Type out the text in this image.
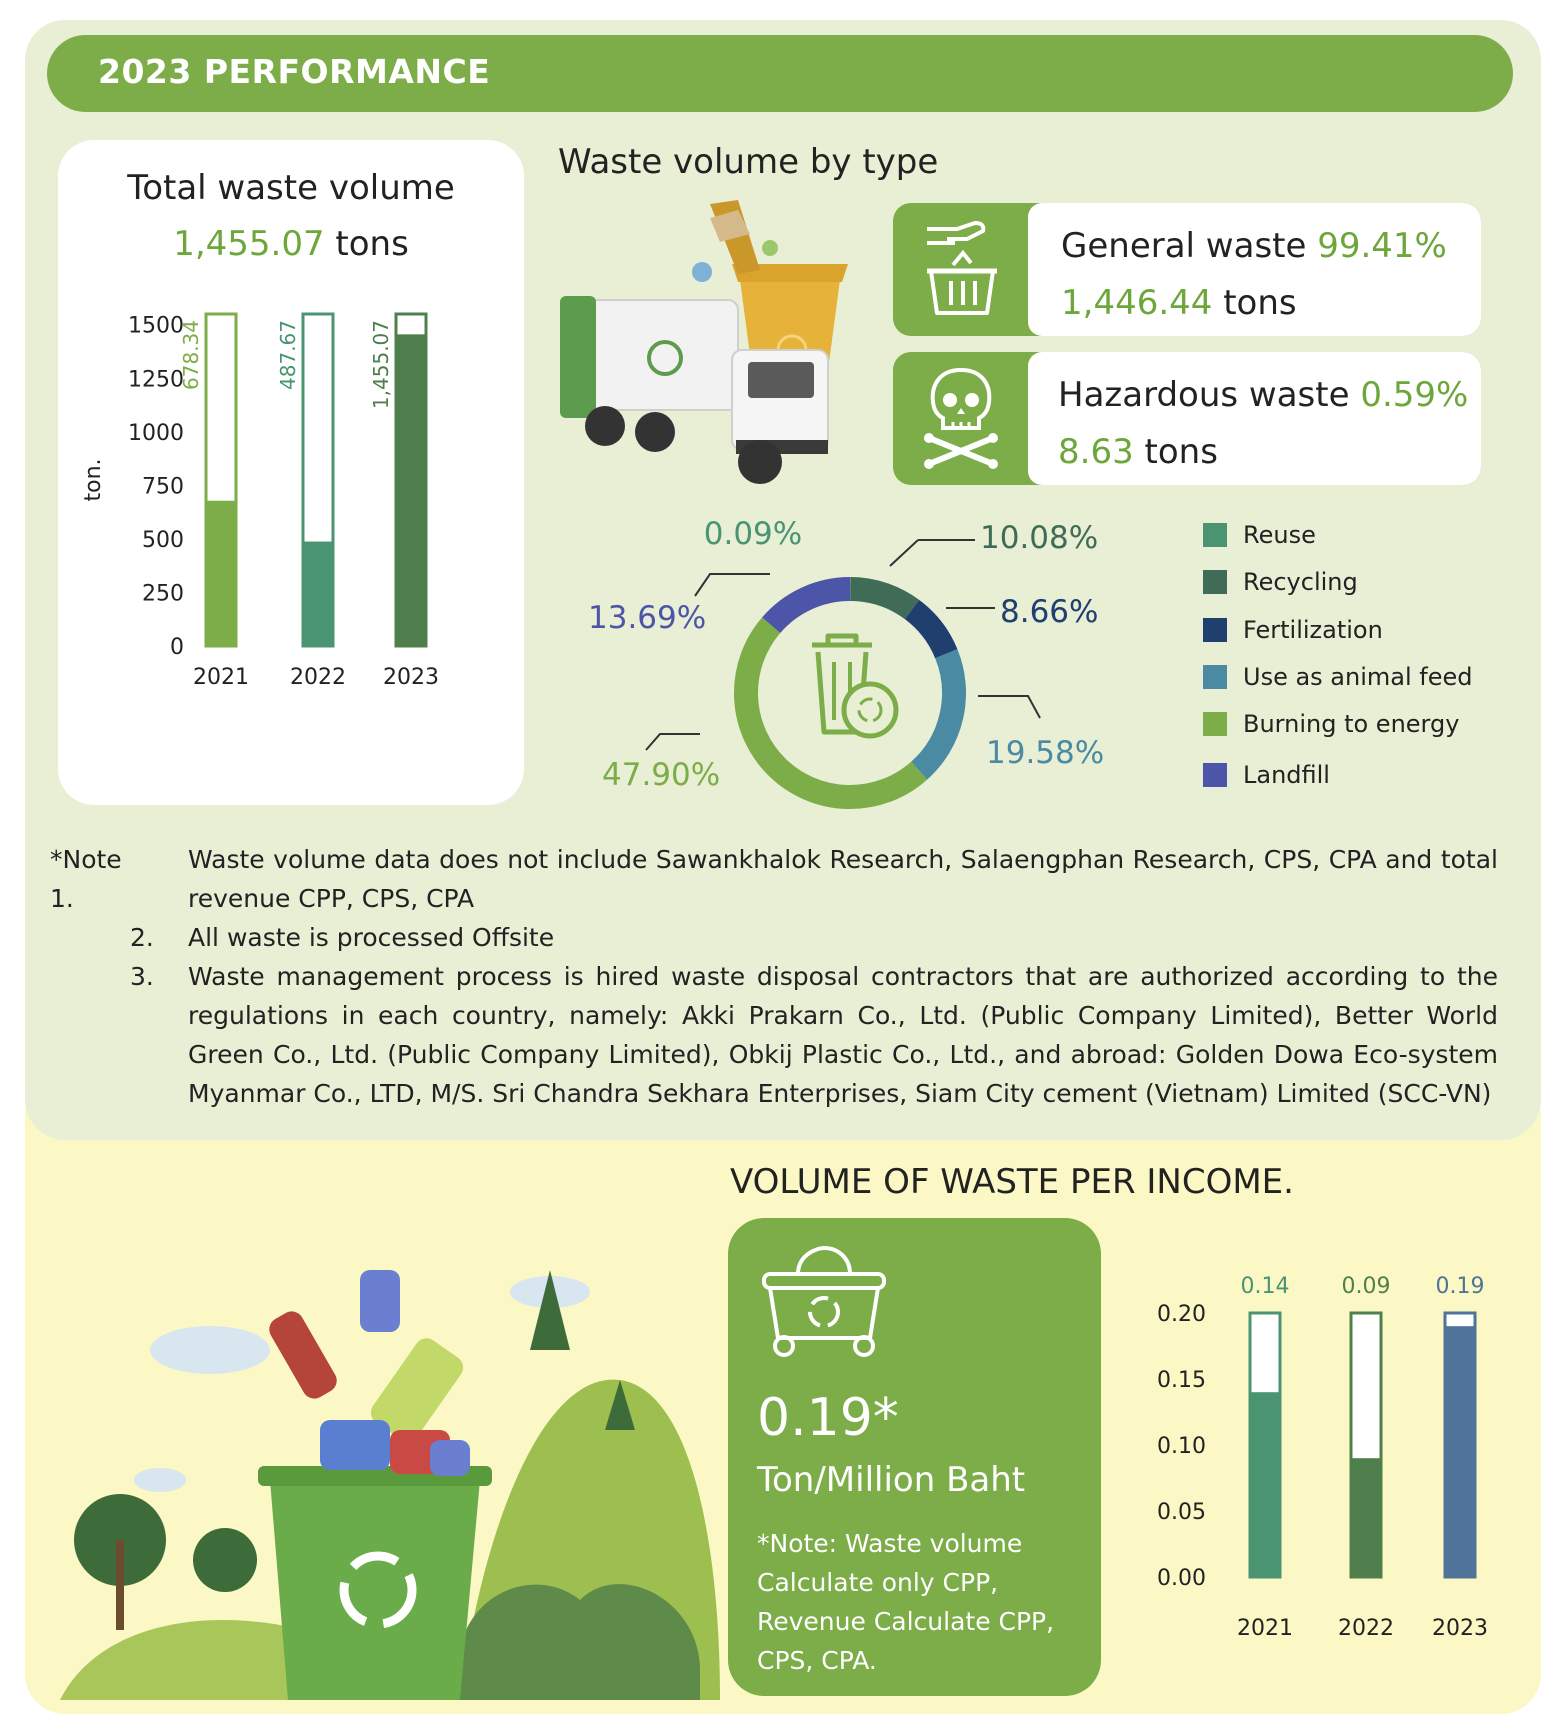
2023 PERFORMANCE
Total waste volume
1,455.07 tons
ton.
0
250
500
750
1000
1250
1500
678.34
2021
487.67
2022
1,455.07
2023
Waste volume by type
General waste 99.41%
1,446.44 tons
Hazardous waste 0.59%
8.63 tons
0.09%	10.08%
8.66%
19.58%
47.90%
13.69%
Reuse
Recycling
Fertilization
Use as animal feed
Burning to energy
Landfill
*Note 1.
Waste volume data does not include Sawankhalok Research, Salaengphan Research, CPS, CPA and total revenue CPP, CPS, CPA
2. All waste is processed Offsite
3. Waste management process is hired waste disposal contractors that are authorized according to the regulations in each country, namely: Akki Prakarn Co., Ltd. (Public Company Limited), Better World Green Co., Ltd. (Public Company Limited), Obkij Plastic Co., Ltd., and abroad: Golden Dowa Eco-system Myanmar Co., LTD, M/S. Sri Chandra Sekhara Enterprises, Siam City cement (Vietnam) Limited (SCC-VN)
VOLUME OF WASTE PER INCOME.
0.19*
Ton/Million Baht
*Note: Waste volume Calculate only CPP, Revenue Calculate CPP, CPS, CPA.
0.00
0.05
0.10
0.15
0.20
0.14
2021
0.09
2022
0.19
2023
